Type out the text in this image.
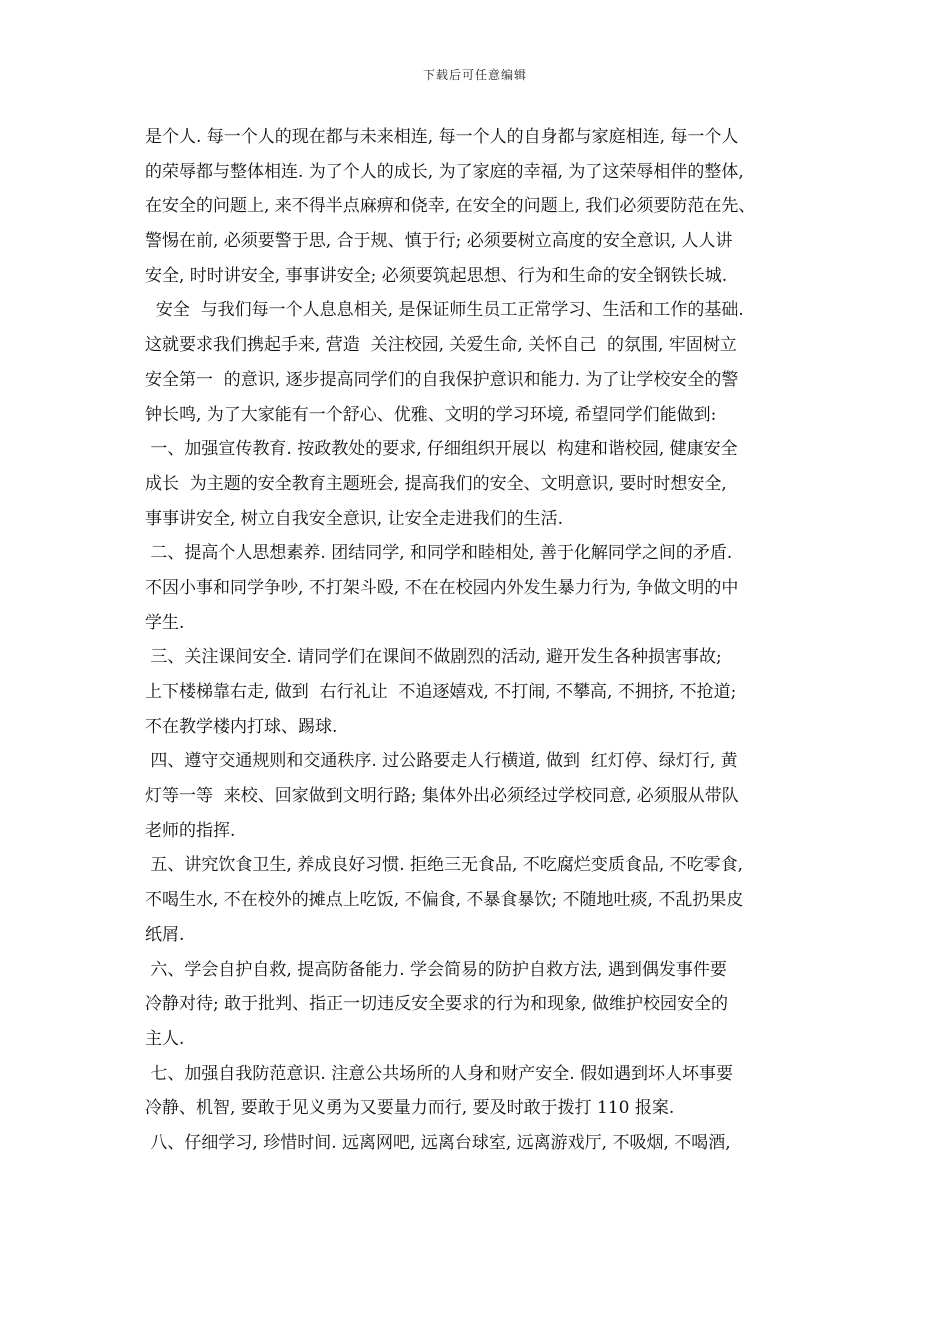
下载后可任意编辑
是个人. 每一个人的现在都与未来相连, 每一个人的自身都与家庭相连, 每一个人
的荣辱都与整体相连. 为了个人的成长, 为了家庭的幸福, 为了这荣辱相伴的整体,
在安全的问题上, 来不得半点麻痹和侥幸, 在安全的问题上, 我们必须要防范在先、
警惕在前, 必须要警于思, 合于规、慎于行; 必须要树立高度的安全意识, 人人讲
安全, 时时讲安全, 事事讲安全; 必须要筑起思想、行为和生命的安全钢铁长城.
安全  与我们每一个人息息相关, 是保证师生员工正常学习、生活和工作的基础.
这就要求我们携起手来, 营造  关注校园, 关爱生命, 关怀自己  的氛围, 牢固树立
安全第一  的意识, 逐步提高同学们的自我保护意识和能力. 为了让学校安全的警
钟长鸣, 为了大家能有一个舒心、优雅、文明的学习环境, 希望同学们能做到:
一、加强宣传教育. 按政教处的要求, 仔细组织开展以  构建和谐校园, 健康安全
成长  为主题的安全教育主题班会, 提高我们的安全、文明意识, 要时时想安全,
事事讲安全, 树立自我安全意识, 让安全走进我们的生活.
二、提高个人思想素养. 团结同学, 和同学和睦相处, 善于化解同学之间的矛盾.
不因小事和同学争吵, 不打架斗殴, 不在在校园内外发生暴力行为, 争做文明的中
学生.
三、关注课间安全. 请同学们在课间不做剧烈的活动, 避开发生各种损害事故;
上下楼梯靠右走, 做到  右行礼让  不追逐嬉戏, 不打闹, 不攀高, 不拥挤, 不抢道;
不在教学楼内打球、踢球.
四、遵守交通规则和交通秩序. 过公路要走人行横道, 做到  红灯停、绿灯行, 黄
灯等一等  来校、回家做到文明行路; 集体外出必须经过学校同意, 必须服从带队
老师的指挥.
五、讲究饮食卫生, 养成良好习惯. 拒绝三无食品, 不吃腐烂变质食品, 不吃零食,
不喝生水, 不在校外的摊点上吃饭, 不偏食, 不暴食暴饮; 不随地吐痰, 不乱扔果皮
纸屑.
六、学会自护自救, 提高防备能力. 学会简易的防护自救方法, 遇到偶发事件要
冷静对待; 敢于批判、指正一切违反安全要求的行为和现象, 做维护校园安全的
主人.
七、加强自我防范意识. 注意公共场所的人身和财产安全. 假如遇到坏人坏事要
冷静、机智, 要敢于见义勇为又要量力而行, 要及时敢于拨打 110 报案.
八、仔细学习, 珍惜时间. 远离网吧, 远离台球室, 远离游戏厅, 不吸烟, 不喝酒,
